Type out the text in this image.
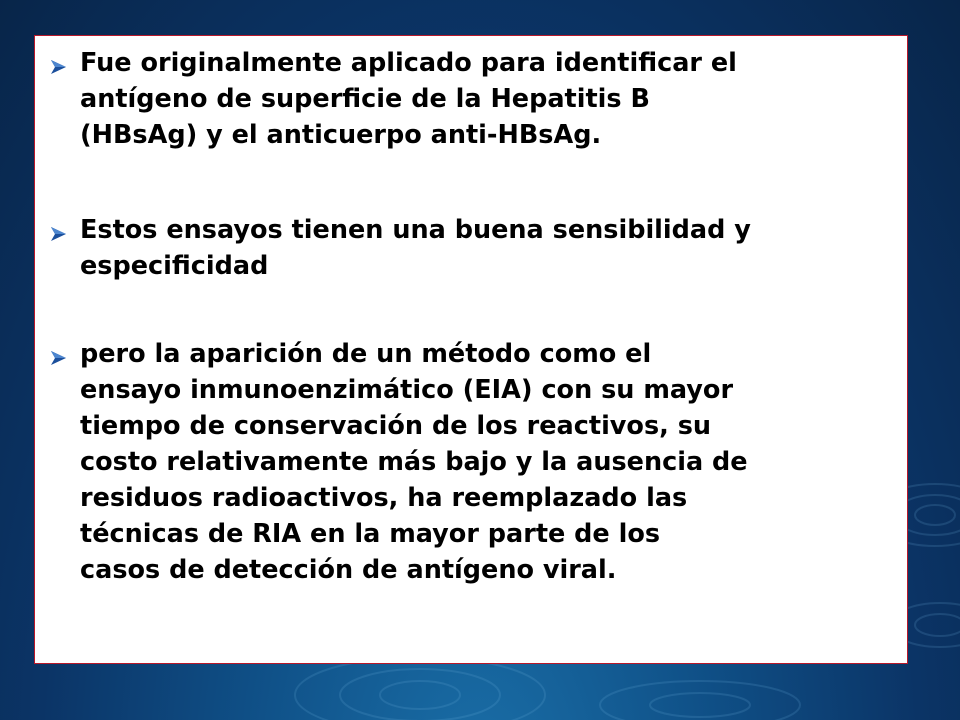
Fue originalmente aplicado para identificar el
antígeno de superficie de la Hepatitis B
(HBsAg) y el anticuerpo anti-HBsAg.

Estos ensayos tienen una buena sensibilidad y
especificidad

pero la aparición de un método como el
ensayo inmunoenzimático (EIA) con su mayor
tiempo de conservación de los reactivos, su
costo relativamente más bajo y la ausencia de
residuos radioactivos, ha reemplazado las
técnicas de RIA en la mayor parte de los
casos de detección de antígeno viral.
